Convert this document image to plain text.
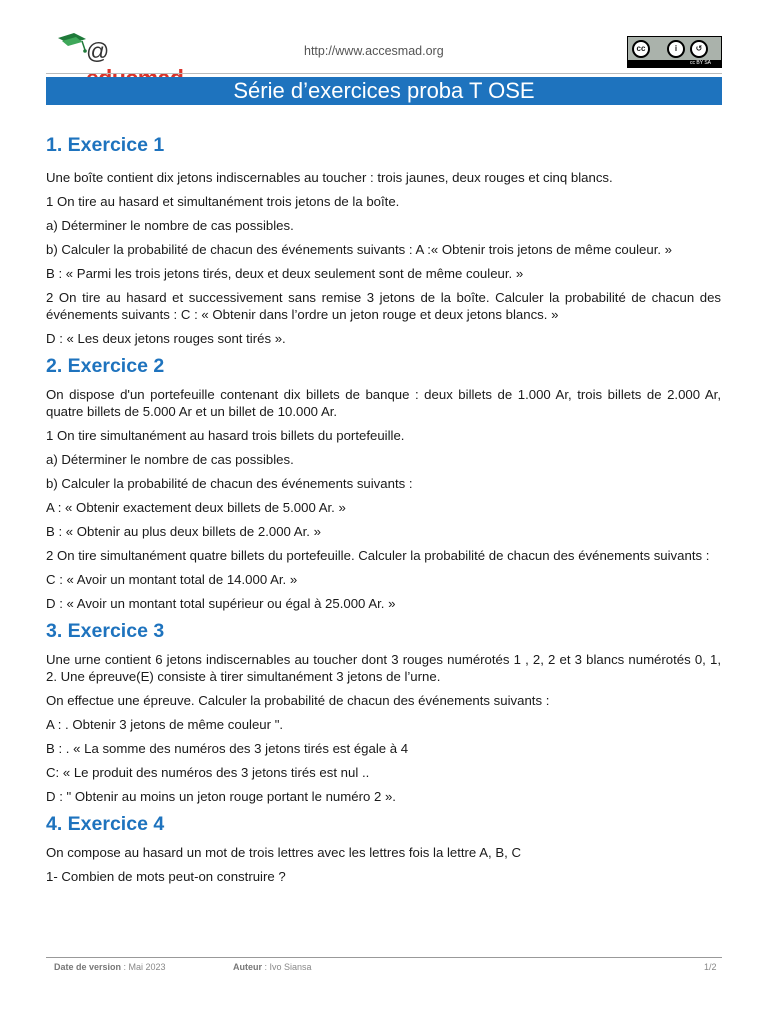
@	http://www.accesmad.org	cc	i	↺
cc BY SA
Série d’exercices proba T OSE
1. Exercice 1

Une boîte contient dix jetons indiscernables au toucher : trois jaunes, deux rouges et cinq blancs.

1 On tire au hasard et simultanément trois jetons de la boîte.

a) Déterminer le nombre de cas possibles.

b) Calculer la probabilité de chacun des événements suivants : A :« Obtenir trois jetons de même couleur. »

B : « Parmi les trois jetons tirés, deux et deux seulement sont de même couleur. »

2 On tire au hasard et successivement sans remise 3 jetons de la boîte. Calculer la probabilité de chacun des événements suivants : C : « Obtenir dans l’ordre un jeton rouge et deux jetons blancs. »

D : « Les deux jetons rouges sont tirés ».

2. Exercice 2

On dispose d'un portefeuille contenant dix billets de banque : deux billets de 1.000 Ar, trois billets de 2.000 Ar, quatre billets de 5.000 Ar et un billet de 10.000 Ar.

1 On tire simultanément au hasard trois billets du portefeuille.

a) Déterminer le nombre de cas possibles.

b) Calculer la probabilité de chacun des événements suivants :

A : « Obtenir exactement deux billets de 5.000 Ar. »

B : « Obtenir au plus deux billets de 2.000 Ar. »

2 On tire simultanément quatre billets du portefeuille. Calculer la probabilité de chacun des événements suivants :

C : « Avoir un montant total de 14.000 Ar. »

D : « Avoir un montant total supérieur ou égal à 25.000 Ar. »

3. Exercice 3

Une urne contient 6 jetons indiscernables au toucher dont 3 rouges numérotés 1 , 2, 2 et 3 blancs numérotés 0, 1, 2. Une épreuve(E) consiste à tirer simultanément 3 jetons de l’urne.

On effectue une épreuve. Calculer la probabilité de chacun des événements suivants :

A : . Obtenir 3 jetons de même couleur ".

B : . « La somme des numéros des 3 jetons tirés est égale à 4

C: « Le produit des numéros des 3 jetons tirés est nul ..

D : " Obtenir au moins un jeton rouge portant le numéro 2 ».

4. Exercice 4

On compose au hasard un mot de trois lettres avec les lettres fois la lettre A, B, C

1- Combien de mots peut-on construire ?

Date de version : Mai 2023	Auteur : Ivo Siansa	1/2
